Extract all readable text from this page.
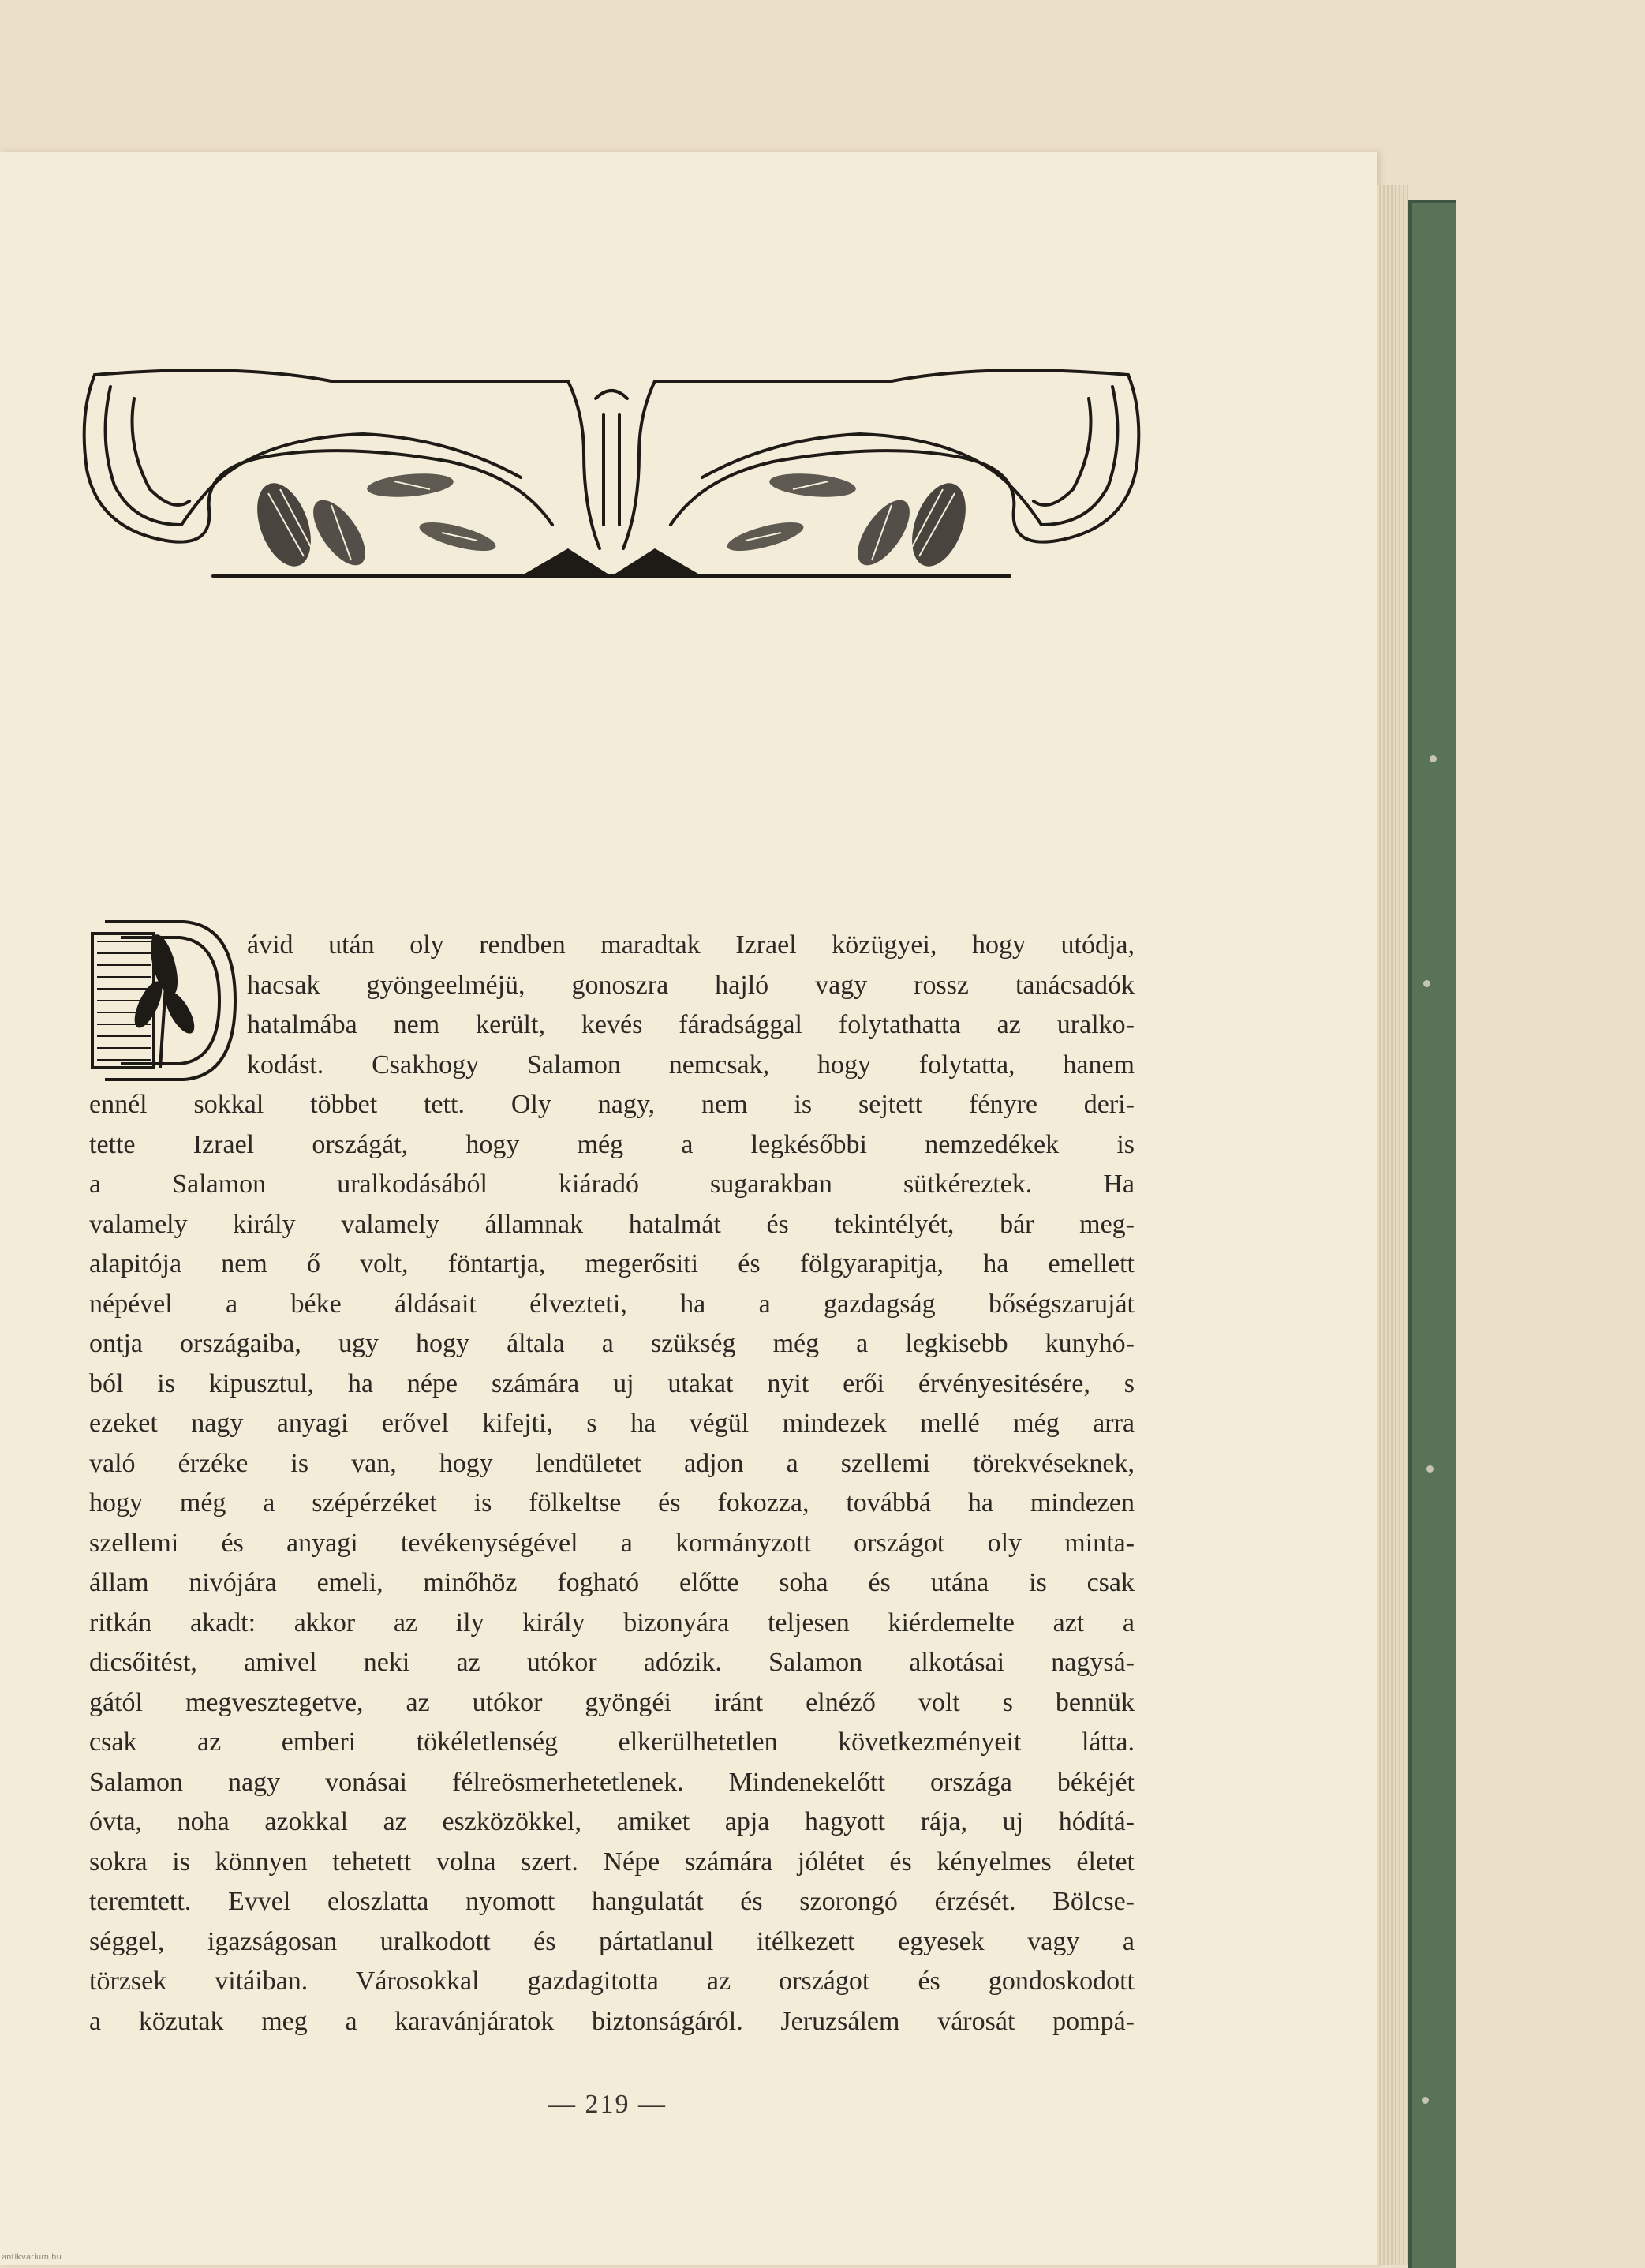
D
ávid után oly rendben maradtak Izrael közügyei, hogy utódja,
hacsak gyöngeelméjü, gonoszra hajló vagy rossz tanácsadók
hatalmába nem került, kevés fáradsággal folytathatta az uralko-
kodást. Csakhogy Salamon nemcsak, hogy folytatta, hanem
ennél sokkal többet tett. Oly nagy, nem is sejtett fényre deri-
tette Izrael országát, hogy még a legkésőbbi nemzedékek is
a Salamon uralkodásából kiáradó sugarakban sütkéreztek. Ha
valamely király valamely államnak hatalmát és tekintélyét, bár meg-
alapitója nem ő volt, föntartja, megerősiti és fölgyarapitja, ha emellett
népével a béke áldásait élvezteti, ha a gazdagság bőségszaruját
ontja országaiba, ugy hogy általa a szükség még a legkisebb kunyhó-
ból is kipusztul, ha népe számára uj utakat nyit erői érvényesitésére, s
ezeket nagy anyagi erővel kifejti, s ha végül mindezek mellé még arra
való érzéke is van, hogy lendületet adjon a szellemi törekvéseknek,
hogy még a szépérzéket is fölkeltse és fokozza, továbbá ha mindezen
szellemi és anyagi tevékenységével a kormányzott országot oly minta-
állam nivójára emeli, minőhöz fogható előtte soha és utána is csak
ritkán akadt: akkor az ily király bizonyára teljesen kiérdemelte azt a
dicsőitést, amivel neki az utókor adózik. Salamon alkotásai nagysá-
gától megvesztegetve, az utókor gyöngéi iránt elnéző volt s bennük
csak az emberi tökéletlenség elkerülhetetlen következményeit látta.
Salamon nagy vonásai félreösmerhetetlenek. Mindenekelőtt országa békéjét
óvta, noha azokkal az eszközökkel, amiket apja hagyott rája, uj hódítá-
sokra is könnyen tehetett volna szert. Népe számára jólétet és kényelmes életet
teremtett. Evvel eloszlatta nyomott hangulatát és szorongó érzését. Bölcse-
séggel, igazságosan uralkodott és pártatlanul itélkezett egyesek vagy a
törzsek vitáiban. Városokkal gazdagitotta az országot és gondoskodott
a közutak meg a karavánjáratok biztonságáról. Jeruzsálem városát pompá-
— 219 —
antikvarium.hu
